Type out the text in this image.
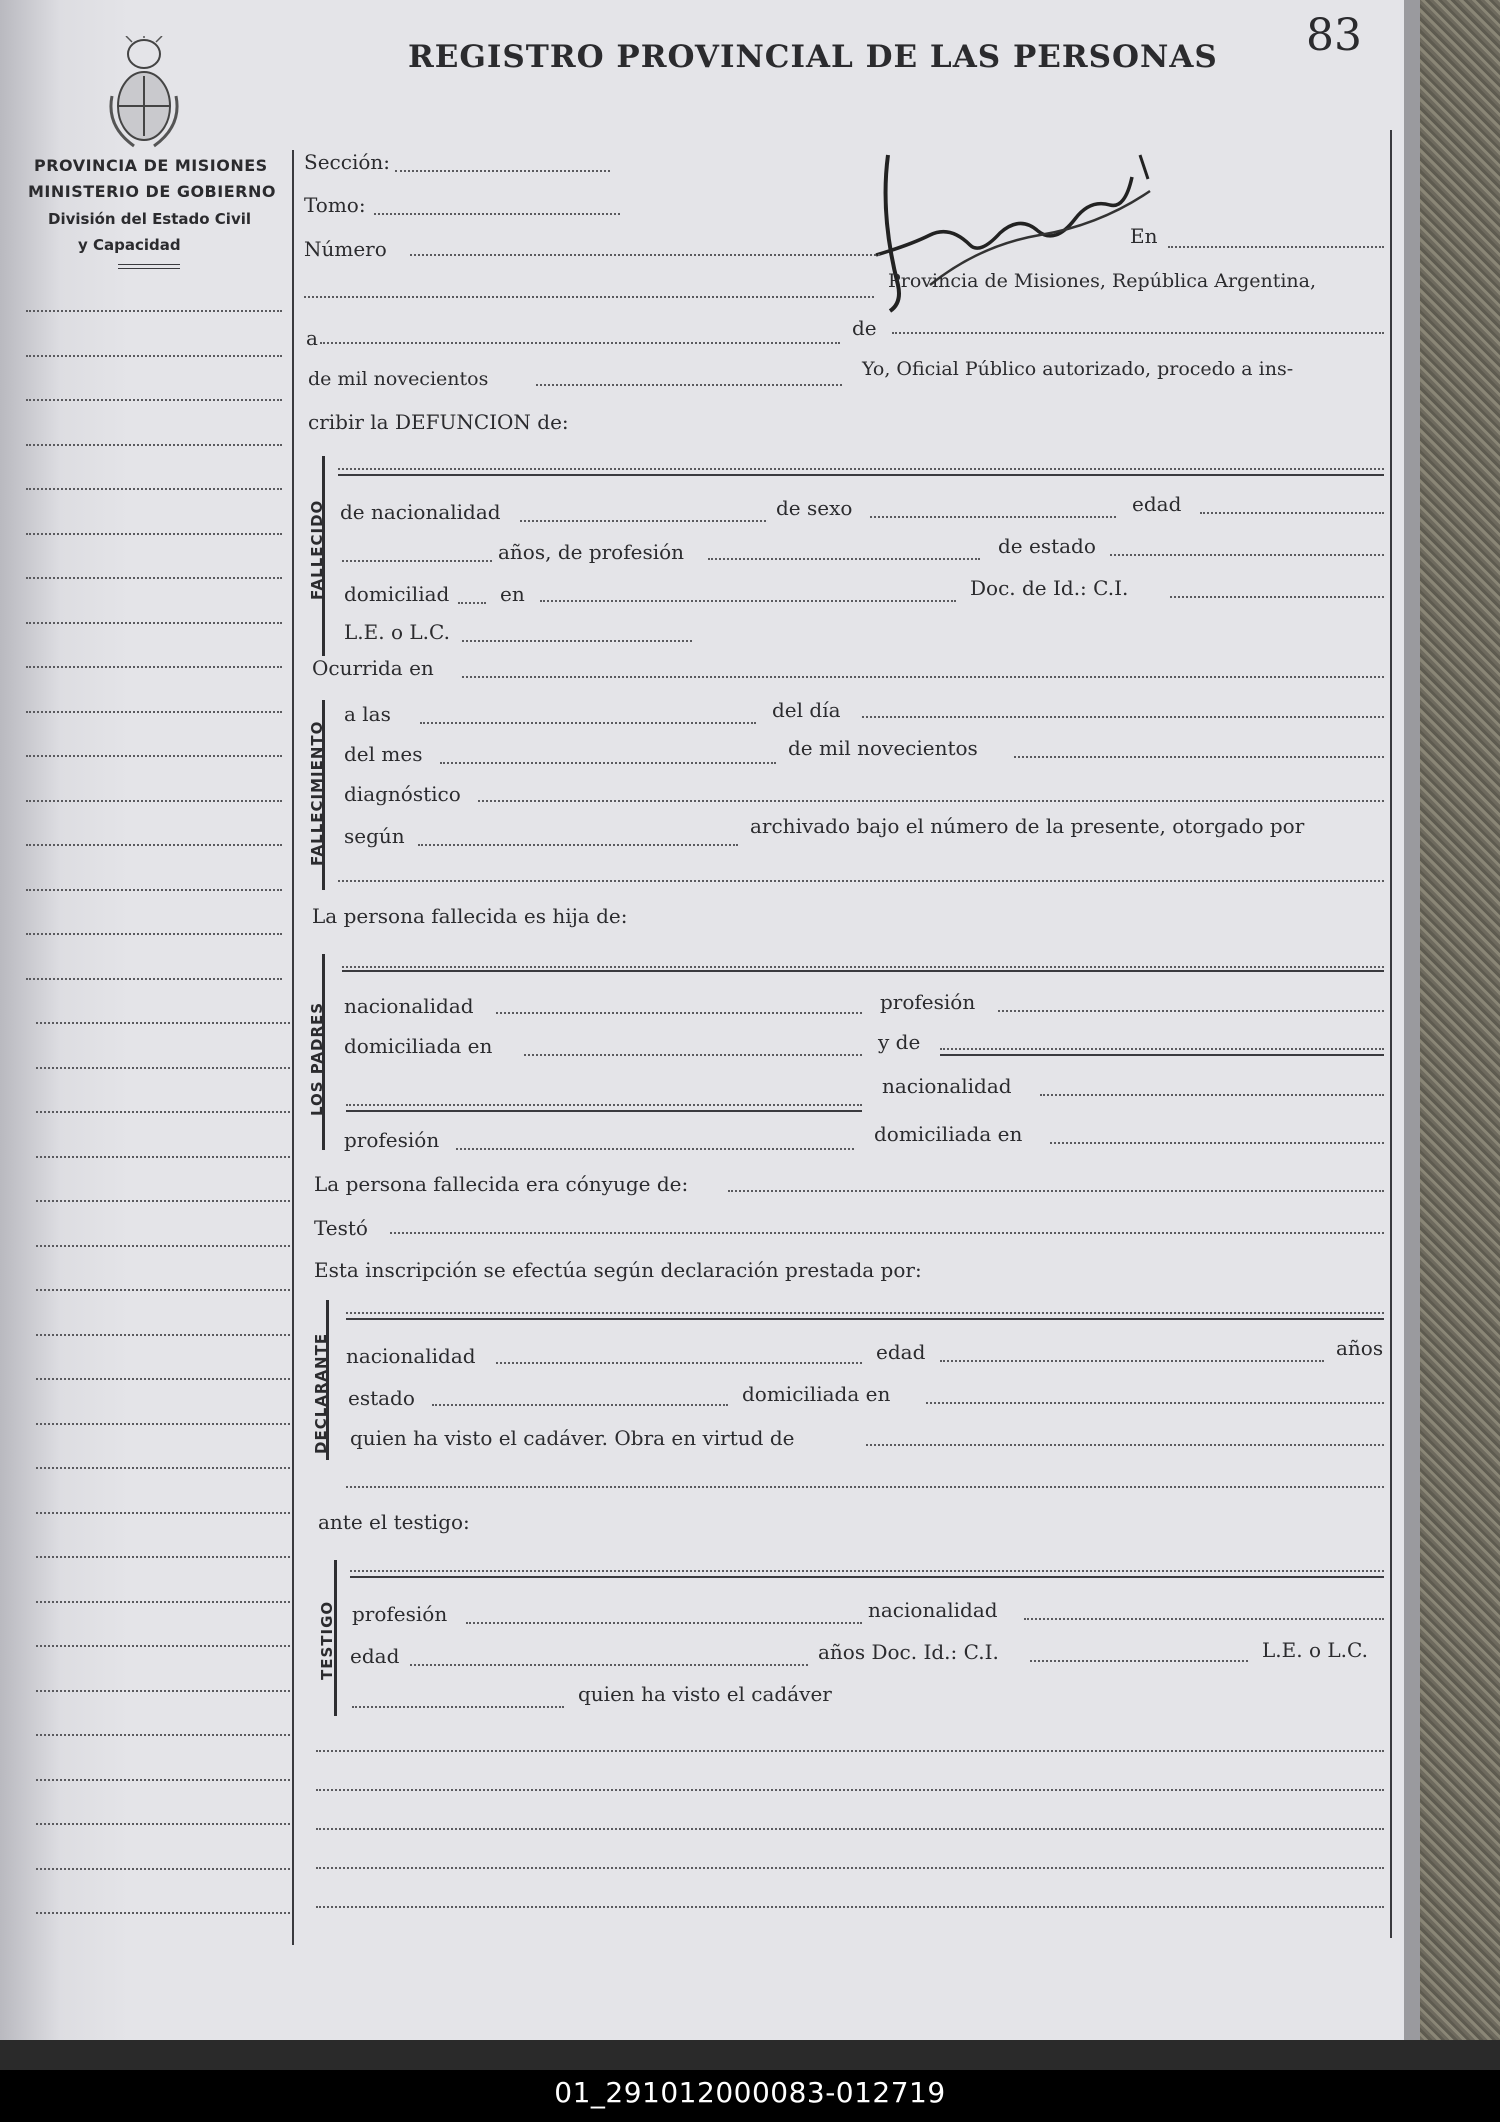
PROVINCIA DE MISIONES
MINISTERIO DE GOBIERNO
División del Estado Civil
y Capacidad
REGISTRO PROVINCIAL DE LAS PERSONAS 83
Sección:
Tomo:
Número
En
Provincia de Misiones, República Argentina,
a	de
de mil novecientos	Yo, Oficial Público autorizado, procedo a ins-
cribir la DEFUNCION de:
FALLECIDO de nacionalidad	de sexo	edad
años, de profesión	de estado
domiciliad	en	Doc. de Id.: C.I.
L.E. o L.C.
Ocurrida en
FALLECIMIENTO
a las	del día
del mes	de mil novecientos
diagnóstico
según	archivado bajo el número de la presente, otorgado por
La persona fallecida es hija de:
LOS PADRES nacionalidad	profesión
domiciliada en	y de
nacionalidad
profesión	domiciliada en
La persona fallecida era cónyuge de:
Testó
Esta inscripción se efectúa según declaración prestada por:
DECLARANTE nacionalidad	edad	años
estado	domiciliada en
quien ha visto el cadáver. Obra en virtud de
ante el testigo:
TESTIGO profesión	nacionalidad
edad	años Doc. Id.: C.I.	L.E. o L.C.
quien ha visto el cadáver
01_291012000083-012719
